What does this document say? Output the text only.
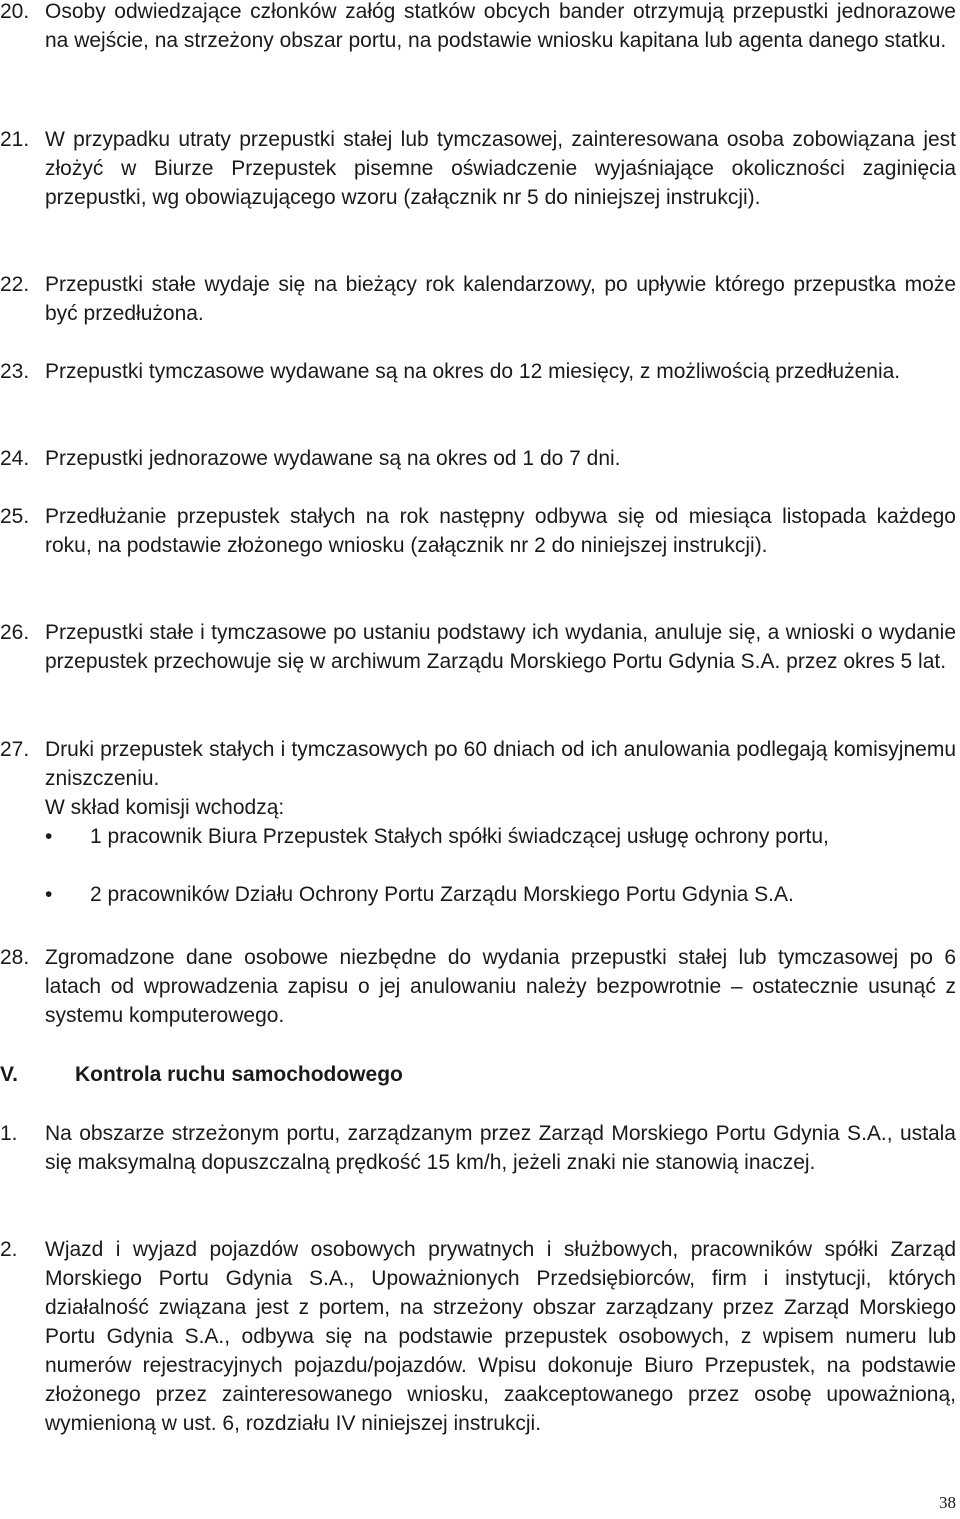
20. Osoby odwiedzające członków załóg statków obcych bander otrzymują przepustki jednorazowe na wejście, na strzeżony obszar portu, na podstawie wniosku kapitana lub agenta danego statku.
21. W przypadku utraty przepustki stałej lub tymczasowej, zainteresowana osoba zobowiązana jest złożyć w Biurze Przepustek pisemne oświadczenie wyjaśniające okoliczności zaginięcia przepustki, wg obowiązującego wzoru (załącznik nr 5 do niniejszej instrukcji).
22. Przepustki stałe wydaje się na bieżący rok kalendarzowy, po upływie którego przepustka może być przedłużona.
23. Przepustki tymczasowe wydawane są na okres do 12 miesięcy, z możliwością przedłużenia.
24. Przepustki jednorazowe wydawane są na okres od 1 do 7 dni.
25. Przedłużanie przepustek stałych na rok następny odbywa się od miesiąca listopada każdego roku, na podstawie złożonego wniosku (załącznik nr 2 do niniejszej instrukcji).
26. Przepustki stałe i tymczasowe po ustaniu podstawy ich wydania, anuluje się, a wnioski o wydanie przepustek przechowuje się w archiwum Zarządu Morskiego Portu Gdynia S.A. przez okres 5 lat.
27. Druki przepustek stałych i tymczasowych po 60 dniach od ich anulowania podlegają komisyjnemu zniszczeniu.
W skład komisji wchodzą:
• 1 pracownik Biura Przepustek Stałych spółki świadczącej usługę ochrony portu,
• 2 pracowników Działu Ochrony Portu Zarządu Morskiego Portu Gdynia S.A.
28. Zgromadzone dane osobowe niezbędne do wydania przepustki stałej lub tymczasowej po 6 latach od wprowadzenia zapisu o jej anulowaniu należy bezpowrotnie – ostatecznie usunąć z systemu komputerowego.
V.	Kontrola ruchu samochodowego
1. Na obszarze strzeżonym portu, zarządzanym przez Zarząd Morskiego Portu Gdynia S.A., ustala się maksymalną dopuszczalną prędkość 15 km/h, jeżeli znaki nie stanowią inaczej.
2. Wjazd i wyjazd pojazdów osobowych prywatnych i służbowych, pracowników spółki Zarząd Morskiego Portu Gdynia S.A., Upoważnionych Przedsiębiorców, firm i instytucji, których działalność związana jest z portem, na strzeżony obszar zarządzany przez Zarząd Morskiego Portu Gdynia S.A., odbywa się na podstawie przepustek osobowych, z wpisem numeru lub numerów rejestracyjnych pojazdu/pojazdów. Wpisu dokonuje Biuro Przepustek, na podstawie złożonego przez zainteresowanego wniosku, zaakceptowanego przez osobę upoważnioną, wymienioną w ust. 6, rozdziału IV niniejszej instrukcji.
38
